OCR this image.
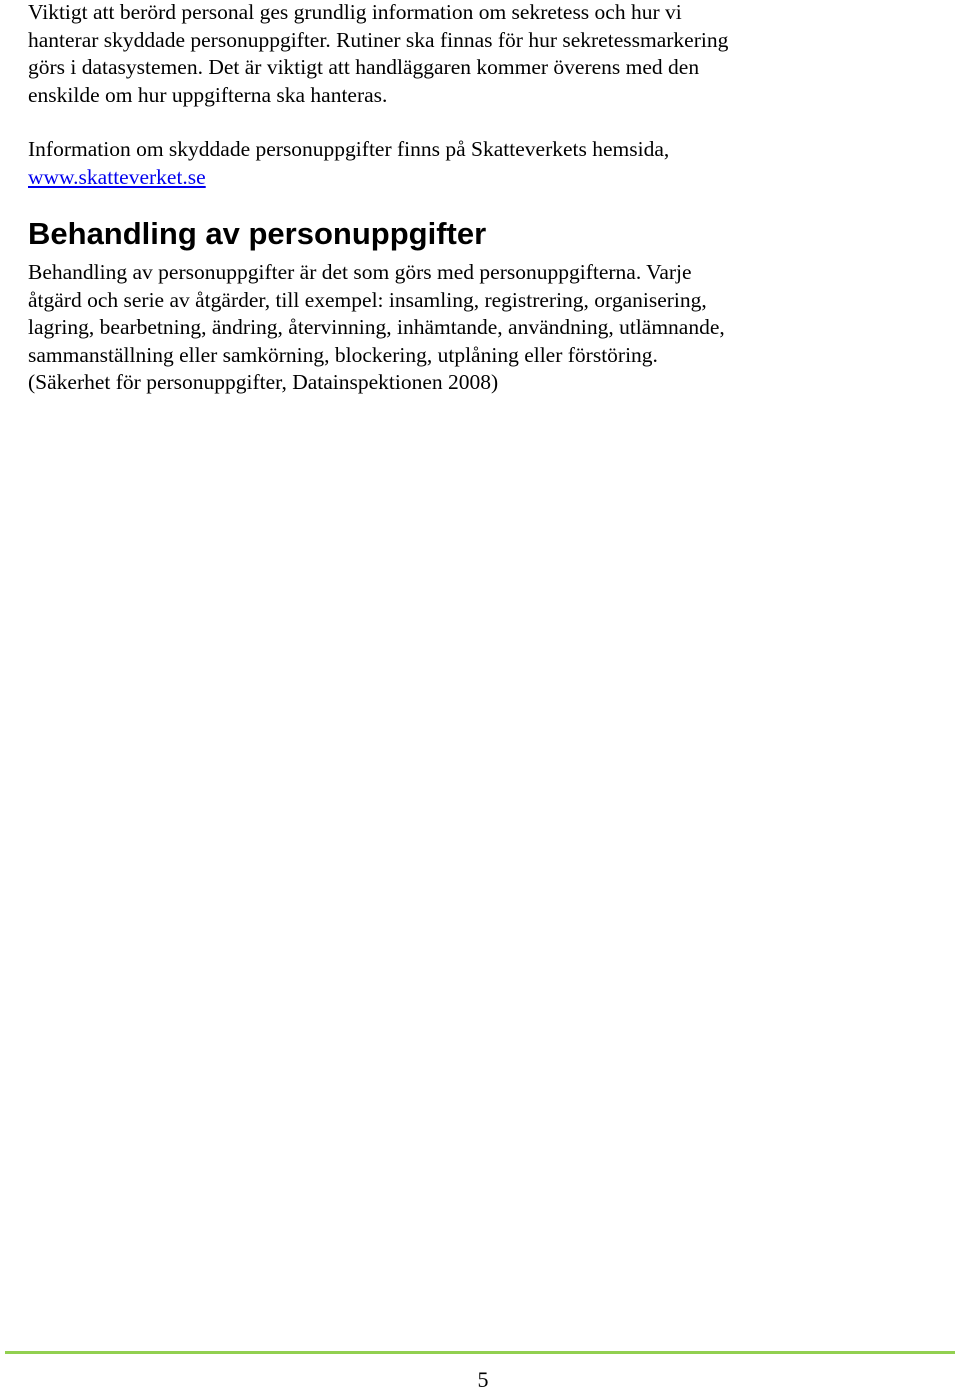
Viktigt att berörd personal ges grundlig information om sekretess och hur vi
hanterar skyddade personuppgifter. Rutiner ska finnas för hur sekretessmarkering
görs i datasystemen. Det är viktigt att handläggaren kommer överens med den
enskilde om hur uppgifterna ska hanteras.

Information om skyddade personuppgifter finns på Skatteverkets hemsida,
www.skatteverket.se

Behandling av personuppgifter

Behandling av personuppgifter är det som görs med personuppgifterna. Varje
åtgärd och serie av åtgärder, till exempel: insamling, registrering, organisering,
lagring, bearbetning, ändring, återvinning, inhämtande, användning, utlämnande,
sammanställning eller samkörning, blockering, utplåning eller förstöring.
(Säkerhet för personuppgifter, Datainspektionen 2008)

5
